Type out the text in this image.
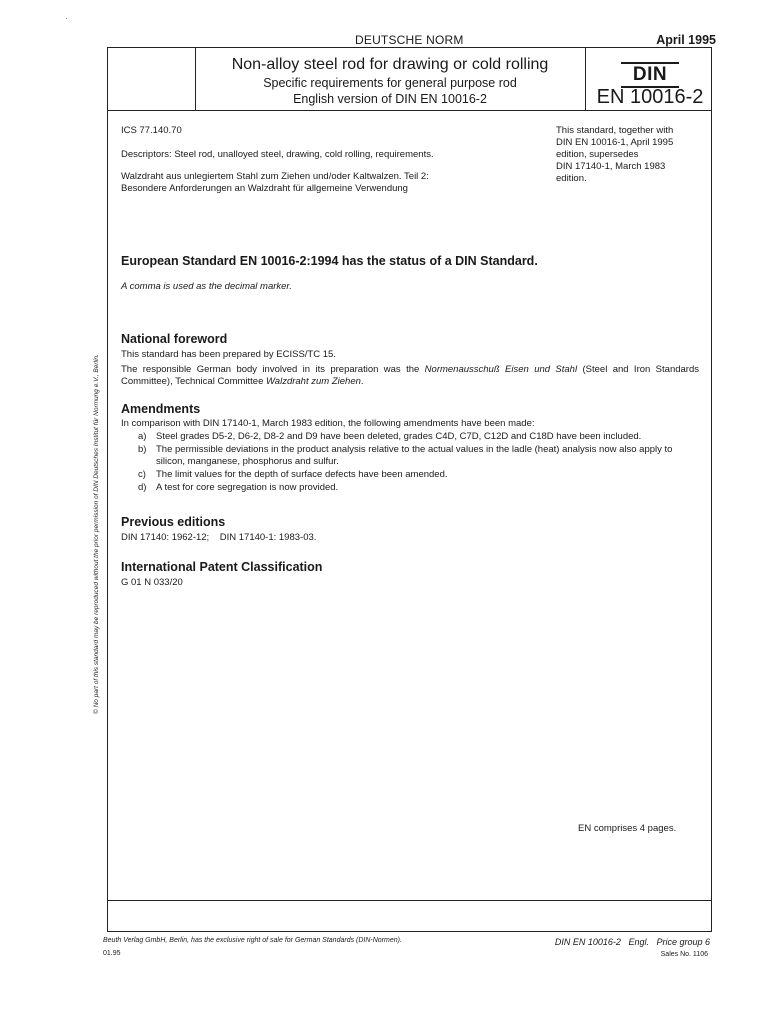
·
DEUTSCHE NORM	April 1995
Non-alloy steel rod for drawing or cold rolling
Specific requirements for general purpose rod
English version of DIN EN 10016-2
DIN
EN 10016-2
ICS 77.140.70
Descriptors: Steel rod, unalloyed steel, drawing, cold rolling, requirements.
Walzdraht aus unlegiertem Stahl zum Ziehen und/oder Kaltwalzen. Teil 2:
Besondere Anforderungen an Walzdraht für allgemeine Verwendung
This standard, together with
DIN EN 10016-1, April 1995
edition, supersedes
DIN 17140-1, March 1983
edition.
European Standard EN 10016-2:1994 has the status of a DIN Standard.
A comma is used as the decimal marker.
National foreword

This standard has been prepared by ECISS/TC 15.

The responsible German body involved in its preparation was the Normenausschuß Eisen und Stahl (Steel and Iron Standards Committee), Technical Committee Walzdraht zum Ziehen.

Amendments

In comparison with DIN 17140-1, March 1983 edition, the following amendments have been made:

a)	Steel grades D5-2, D6-2, D8-2 and D9 have been deleted, grades C4D, C7D, C12D and C18D have been included.
b)	The permissible deviations in the product analysis relative to the actual values in the ladle (heat) analysis now also apply to silicon, manganese, phosphorus and sulfur.
c)	The limit values for the depth of surface defects have been amended.
d)	A test for core segregation is now provided.
Previous editions

DIN 17140: 1962-12;    DIN 17140-1: 1983-03.

International Patent Classification

G 01 N 033/20

EN comprises 4 pages.
Beuth Verlag GmbH, Berlin, has the exclusive right of sale for German Standards (DIN-Normen).
01.95
DIN EN 10016-2   Engl.   Price group 6
Sales No. 1106
© No part of this standard may be reproduced without the prior permission of DIN Deutsches Institut für Normung e.V., Berlin.
